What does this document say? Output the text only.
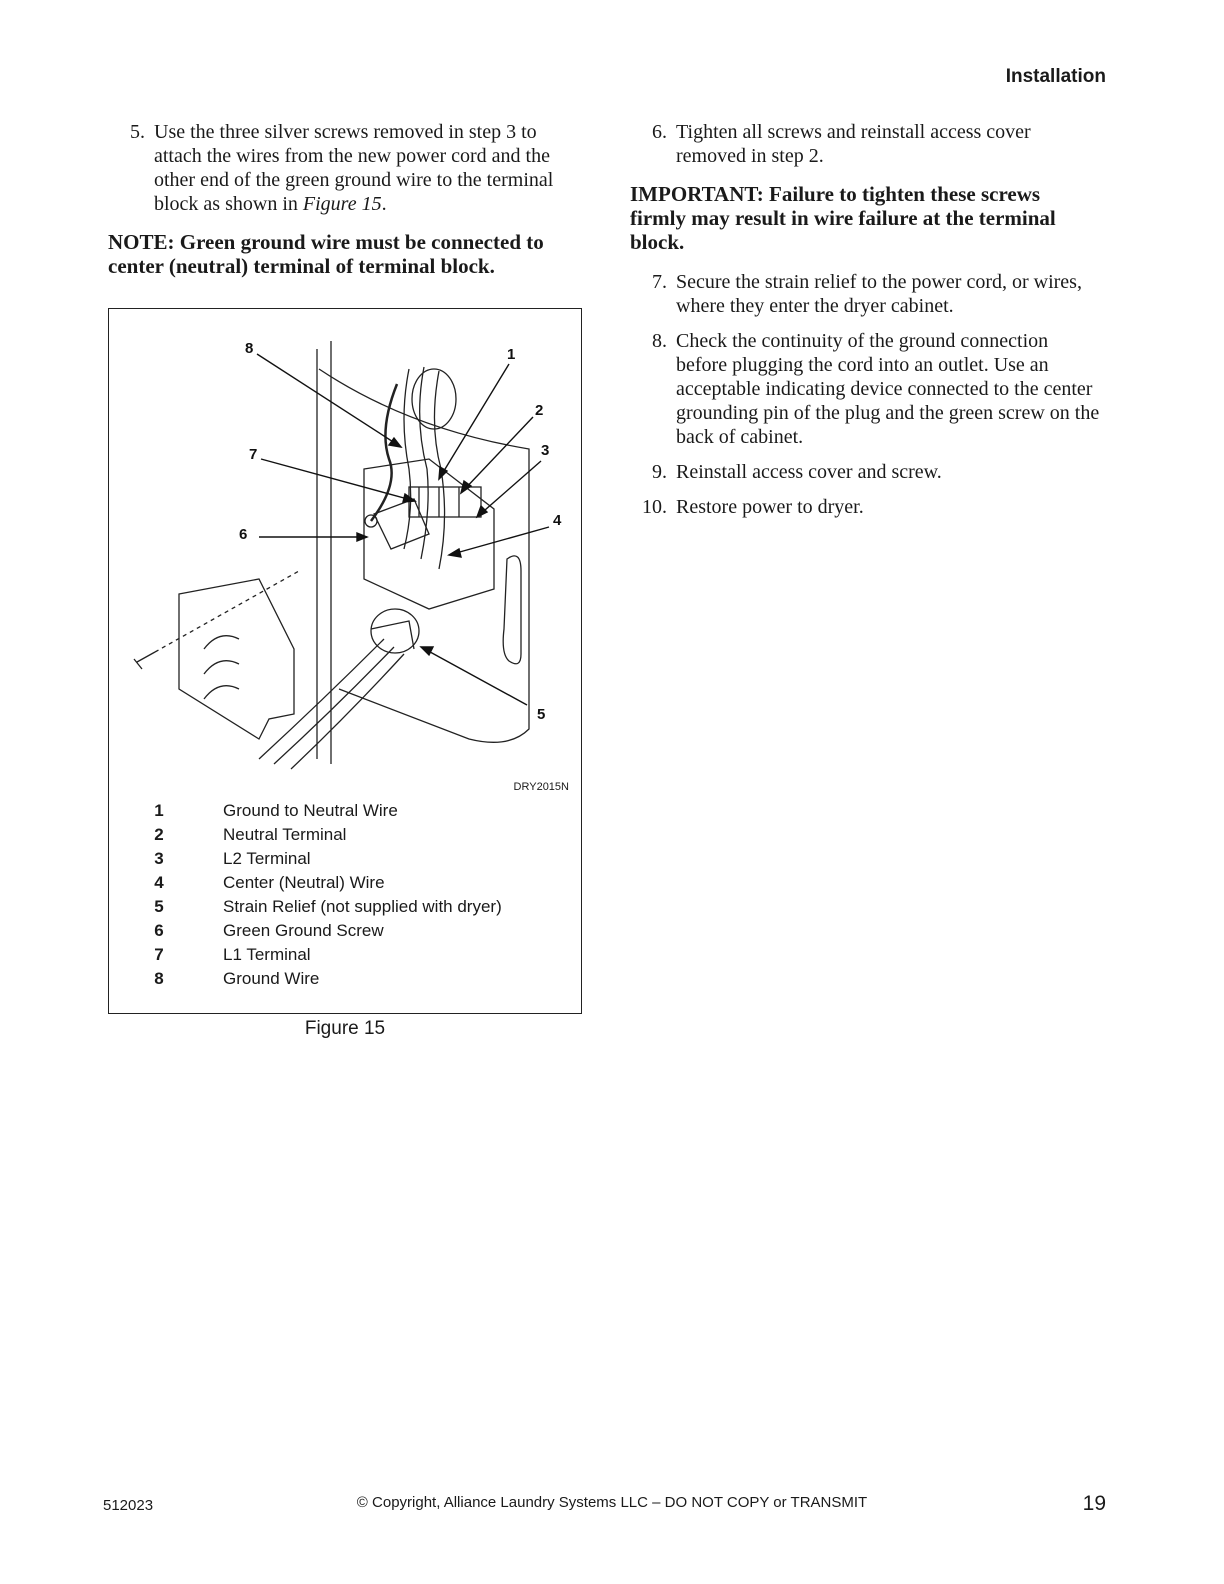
Installation
5. Use the three silver screws removed in step 3 to attach the wires from the new power cord and the other end of the green ground wire to the terminal block as shown in Figure 15.
NOTE: Green ground wire must be connected to center (neutral) terminal of terminal block.
8	1
2
7	3
6
4
5
DRY2015N
1	Ground to Neutral Wire
2	Neutral Terminal
3	L2 Terminal
4	Center (Neutral) Wire
5	Strain Relief (not supplied with dryer)
6	Green Ground Screw
7	L1 Terminal
8	Ground Wire
Figure 15
6. Tighten all screws and reinstall access cover removed in step 2.
IMPORTANT: Failure to tighten these screws firmly may result in wire failure at the terminal block.
7. Secure the strain relief to the power cord, or wires, where they enter the dryer cabinet.
8. Check the continuity of the ground connection before plugging the cord into an outlet. Use an acceptable indicating device connected to the center grounding pin of the plug and the green screw on the back of cabinet.
9. Reinstall access cover and screw.
10. Restore power to dryer.
512023	© Copyright, Alliance Laundry Systems LLC – DO NOT COPY or TRANSMIT	19
